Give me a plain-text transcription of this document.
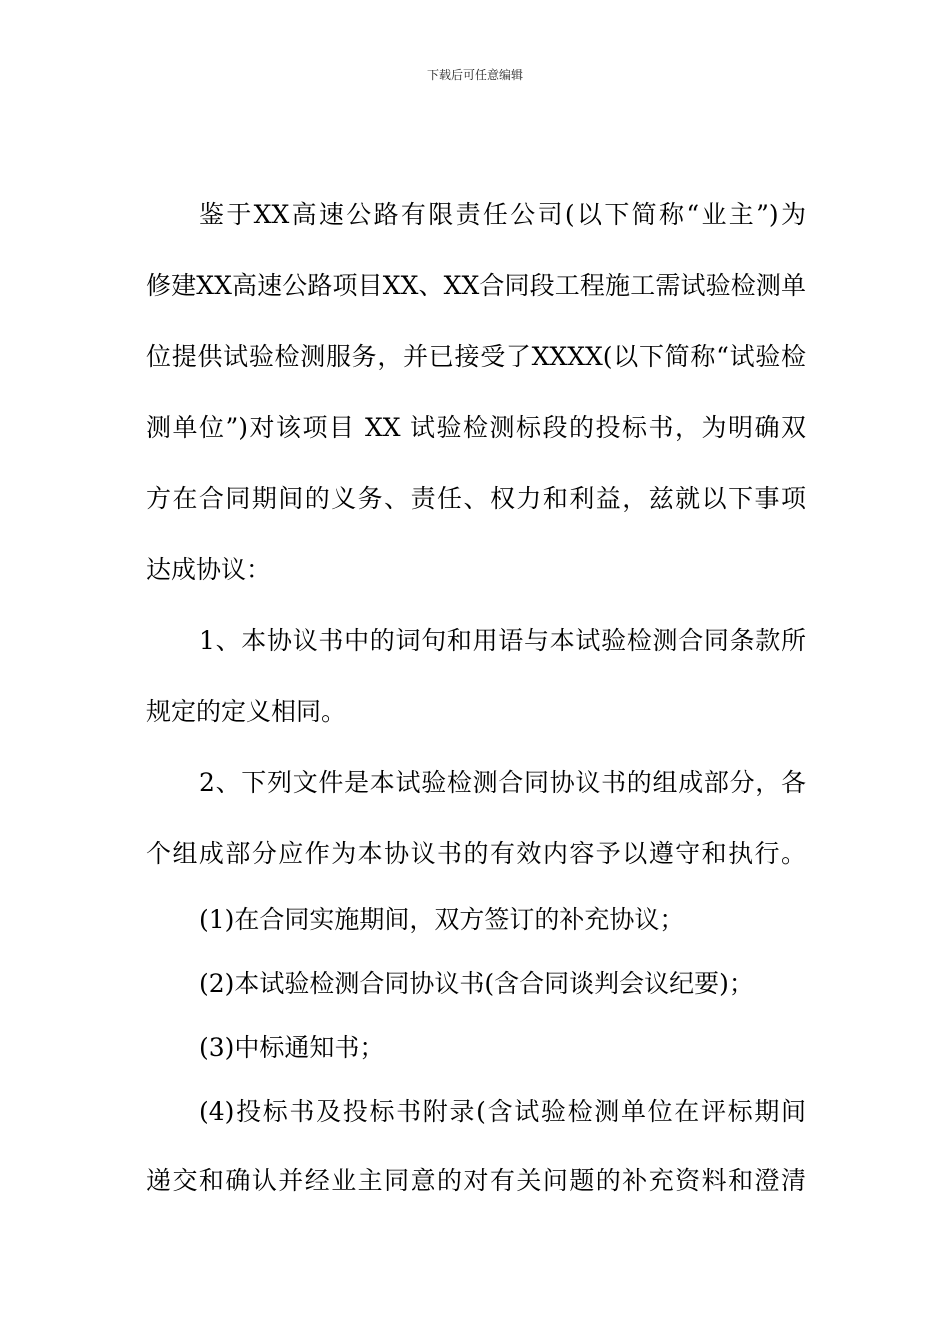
下载后可任意编辑
鉴于XX高速公路有限责任公司(以下简称“业主”)为
修建XX高速公路项目XX、XX合同段工程施工需试验检测单
位提供试验检测服务，并已接受了XXXX(以下简称“试验检
测单位”)对该项目 XX 试验检测标段的投标书，为明确双
方在合同期间的义务、责任、权力和利益，兹就以下事项
达成协议：
1、本协议书中的词句和用语与本试验检测合同条款所
规定的定义相同。
2、下列文件是本试验检测合同协议书的组成部分，各
个组成部分应作为本协议书的有效内容予以遵守和执行。
(1)在合同实施期间，双方签订的补充协议；
(2)本试验检测合同协议书(含合同谈判会议纪要)；
(3)中标通知书；
(4)投标书及投标书附录(含试验检测单位在评标期间
递交和确认并经业主同意的对有关问题的补充资料和澄清
